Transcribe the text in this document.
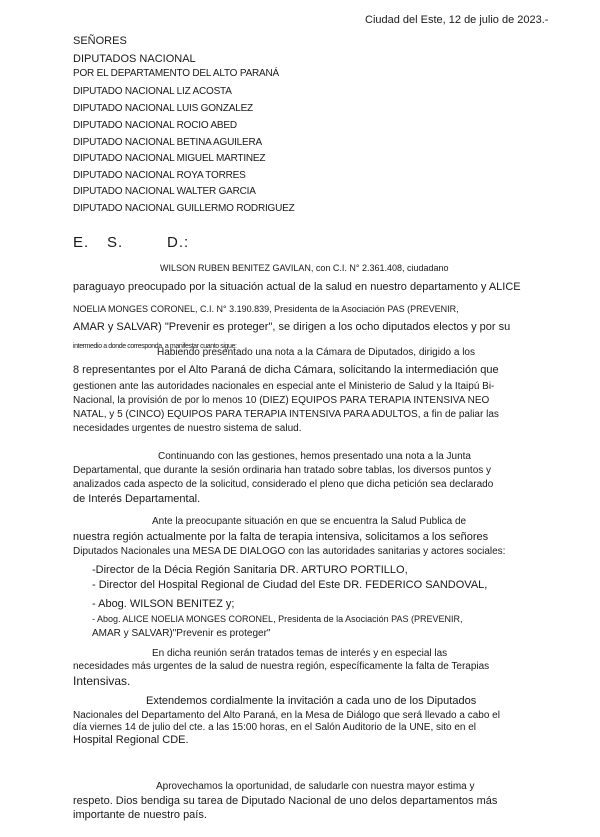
Ciudad del Este, 12 de julio de 2023.-
SEÑORES
DIPUTADOS NACIONAL
POR EL DEPARTAMENTO DEL ALTO PARANÁ
DIPUTADO NACIONAL LIZ ACOSTA
DIPUTADO NACIONAL LUIS GONZALEZ
DIPUTADO NACIONAL ROCIO ABED
DIPUTADO NACIONAL BETINA AGUILERA
DIPUTADO NACIONAL MIGUEL MARTINEZ
DIPUTADO NACIONAL ROYA TORRES
DIPUTADO NACIONAL WALTER GARCIA
DIPUTADO NACIONAL GUILLERMO RODRIGUEZ
E. S.	D.:
WILSON RUBEN BENITEZ GAVILAN, con C.I. N° 2.361.408, ciudadano
paraguayo preocupado por la situación actual de la salud en nuestro departamento y ALICE
NOELIA MONGES CORONEL, C.I. N° 3.190.839, Presidenta de la Asociación PAS (PREVENIR,
AMAR y SALVAR) "Prevenir es proteger", se dirigen a los ocho diputados electos y por su
intermedio a donde corresponda, a manifestar cuanto sigue:
Habiendo presentado una nota a la Cámara de Diputados, dirigido a los
8 representantes por el Alto Paraná de dicha Cámara, solicitando la intermediación que
gestionen ante las autoridades nacionales en especial ante el Ministerio de Salud y la Itaipú Bi-
Nacional, la provisión de por lo menos 10 (DIEZ) EQUIPOS PARA TERAPIA INTENSIVA NEO
NATAL, y 5 (CINCO) EQUIPOS PARA TERAPIA INTENSIVA PARA ADULTOS, a fin de paliar las
necesidades urgentes de nuestro sistema de salud.
Continuando con las gestiones, hemos presentado una nota a la Junta
Departamental, que durante la sesión ordinaria han tratado sobre tablas, los diversos puntos y
analizados cada aspecto de la solicitud, considerado el pleno que dicha petición sea declarado
de Interés Departamental.
Ante la preocupante situación en que se encuentra la Salud Publica de
nuestra región actualmente por la falta de terapia intensiva, solicitamos a los señores
Diputados Nacionales una MESA DE DIALOGO con las autoridades sanitarias y actores sociales:
-Director de la Décia Región Sanitaria DR. ARTURO PORTILLO,
- Director del Hospital Regional de Ciudad del Este DR. FEDERICO SANDOVAL,
- Abog. WILSON BENITEZ y;
- Abog. ALICE NOELIA MONGES CORONEL, Presidenta de la Asociación PAS (PREVENIR,
AMAR y SALVAR)"Prevenir es proteger"
En dicha reunión serán tratados temas de interés y en especial las
necesidades más urgentes de la salud de nuestra región, específicamente la falta de Terapias
Intensivas.
Extendemos cordialmente la invitación a cada uno de los Diputados
Nacionales del Departamento del Alto Paraná, en la Mesa de Diálogo que será llevado a cabo el
día viernes 14 de julio del cte. a las 15:00 horas, en el Salón Auditorio de la UNE, sito en el
Hospital Regional CDE.
Aprovechamos la oportunidad, de saludarle con nuestra mayor estima y
respeto. Dios bendiga su tarea de Diputado Nacional de uno delos departamentos más
importante de nuestro país.
